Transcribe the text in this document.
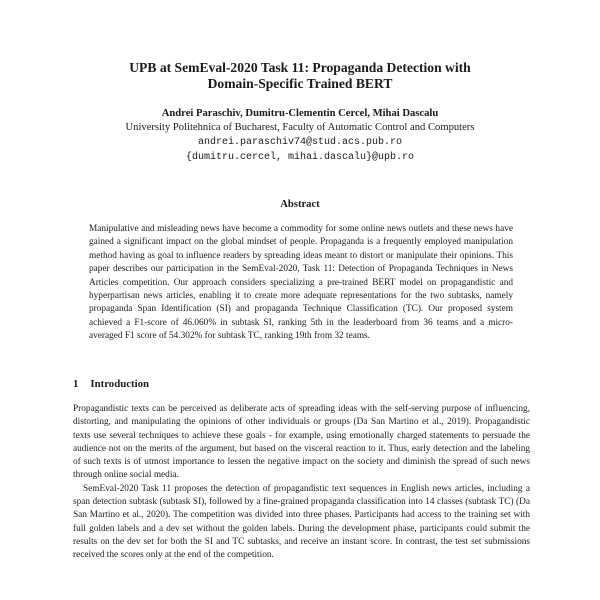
UPB at SemEval-2020 Task 11: Propaganda Detection with
Domain-Specific Trained BERT

Andrei Paraschiv, Dumitru-Clementin Cercel, Mihai Dascalu

University Politehnica of Bucharest, Faculty of Automatic Control and Computers

andrei.paraschiv74@stud.acs.pub.ro

{dumitru.cercel, mihai.dascalu}@upb.ro

Abstract

Manipulative and misleading news have become a commodity for some online news outlets and these news have gained a significant impact on the global mindset of people. Propaganda is a frequently employed manipulation method having as goal to influence readers by spreading ideas meant to distort or manipulate their opinions. This paper describes our participation in the SemEval-2020, Task 11: Detection of Propaganda Techniques in News Articles competition. Our approach considers specializing a pre-trained BERT model on propagandistic and hyperpartisan news articles, enabling it to create more adequate representations for the two subtasks, namely propaganda Span Identification (SI) and propaganda Technique Classification (TC). Our proposed system achieved a F1-score of 46.060% in subtask SI, ranking 5th in the leaderboard from 36 teams and a micro-averaged F1 score of 54.302% for subtask TC, ranking 19th from 32 teams.

1 Introduction

Propagandistic texts can be perceived as deliberate acts of spreading ideas with the self-serving purpose of influencing, distorting, and manipulating the opinions of other individuals or groups (Da San Martino et al., 2019). Propagandistic texts use several techniques to achieve these goals - for example, using emotionally charged statements to persuade the audience not on the merits of the argument, but based on the visceral reaction to it. Thus, early detection and the labeling of such texts is of utmost importance to lessen the negative impact on the society and diminish the spread of such news through online social media.

SemEval-2020 Task 11 proposes the detection of propagandistic text sequences in English news articles, including a span detection subtask (subtask SI), followed by a fine-grained propaganda classification into 14 classes (subtask TC) (Da San Martino et al., 2020). The competition was divided into three phases. Participants had access to the training set with full golden labels and a dev set without the golden labels. During the development phase, participants could submit the results on the dev set for both the SI and TC subtasks, and receive an instant score. In contrast, the test set submissions received the scores only at the end of the competition.
